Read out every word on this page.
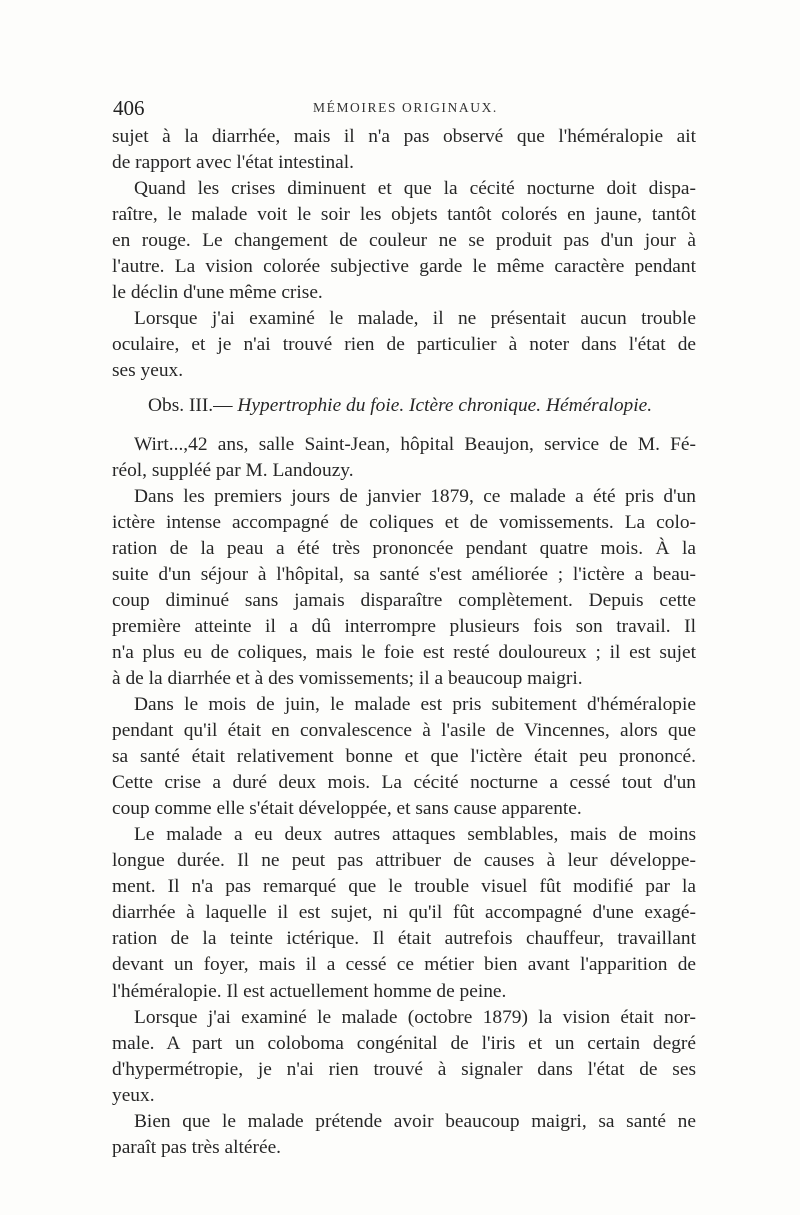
406	MÉMOIRES ORIGINAUX.
sujet à la diarrhée, mais il n'a pas observé que l'héméralopie ait
de rapport avec l'état intestinal.
Quand les crises diminuent et que la cécité nocturne doit dispa-
raître, le malade voit le soir les objets tantôt colorés en jaune, tantôt
en rouge. Le changement de couleur ne se produit pas d'un jour à
l'autre. La vision colorée subjective garde le même caractère pendant
le déclin d'une même crise.
Lorsque j'ai examiné le malade, il ne présentait aucun trouble
oculaire, et je n'ai trouvé rien de particulier à noter dans l'état de
ses yeux.
Obs. III.— Hypertrophie du foie. Ictère chronique. Héméralopie.
Wirt...,42 ans, salle Saint-Jean, hôpital Beaujon, service de M. Fé-
réol, suppléé par M. Landouzy.
Dans les premiers jours de janvier 1879, ce malade a été pris d'un
ictère intense accompagné de coliques et de vomissements. La colo-
ration de la peau a été très prononcée pendant quatre mois. À la
suite d'un séjour à l'hôpital, sa santé s'est améliorée ; l'ictère a beau-
coup diminué sans jamais disparaître complètement. Depuis cette
première atteinte il a dû interrompre plusieurs fois son travail. Il
n'a plus eu de coliques, mais le foie est resté douloureux ; il est sujet
à de la diarrhée et à des vomissements; il a beaucoup maigri.
Dans le mois de juin, le malade est pris subitement d'héméralopie
pendant qu'il était en convalescence à l'asile de Vincennes, alors que
sa santé était relativement bonne et que l'ictère était peu prononcé.
Cette crise a duré deux mois. La cécité nocturne a cessé tout d'un
coup comme elle s'était développée, et sans cause apparente.
Le malade a eu deux autres attaques semblables, mais de moins
longue durée. Il ne peut pas attribuer de causes à leur développe-
ment. Il n'a pas remarqué que le trouble visuel fût modifié par la
diarrhée à laquelle il est sujet, ni qu'il fût accompagné d'une exagé-
ration de la teinte ictérique. Il était autrefois chauffeur, travaillant
devant un foyer, mais il a cessé ce métier bien avant l'apparition de
l'héméralopie. Il est actuellement homme de peine.
Lorsque j'ai examiné le malade (octobre 1879) la vision était nor-
male. A part un coloboma congénital de l'iris et un certain degré
d'hypermétropie, je n'ai rien trouvé à signaler dans l'état de ses
yeux.
Bien que le malade prétende avoir beaucoup maigri, sa santé ne
paraît pas très altérée.
